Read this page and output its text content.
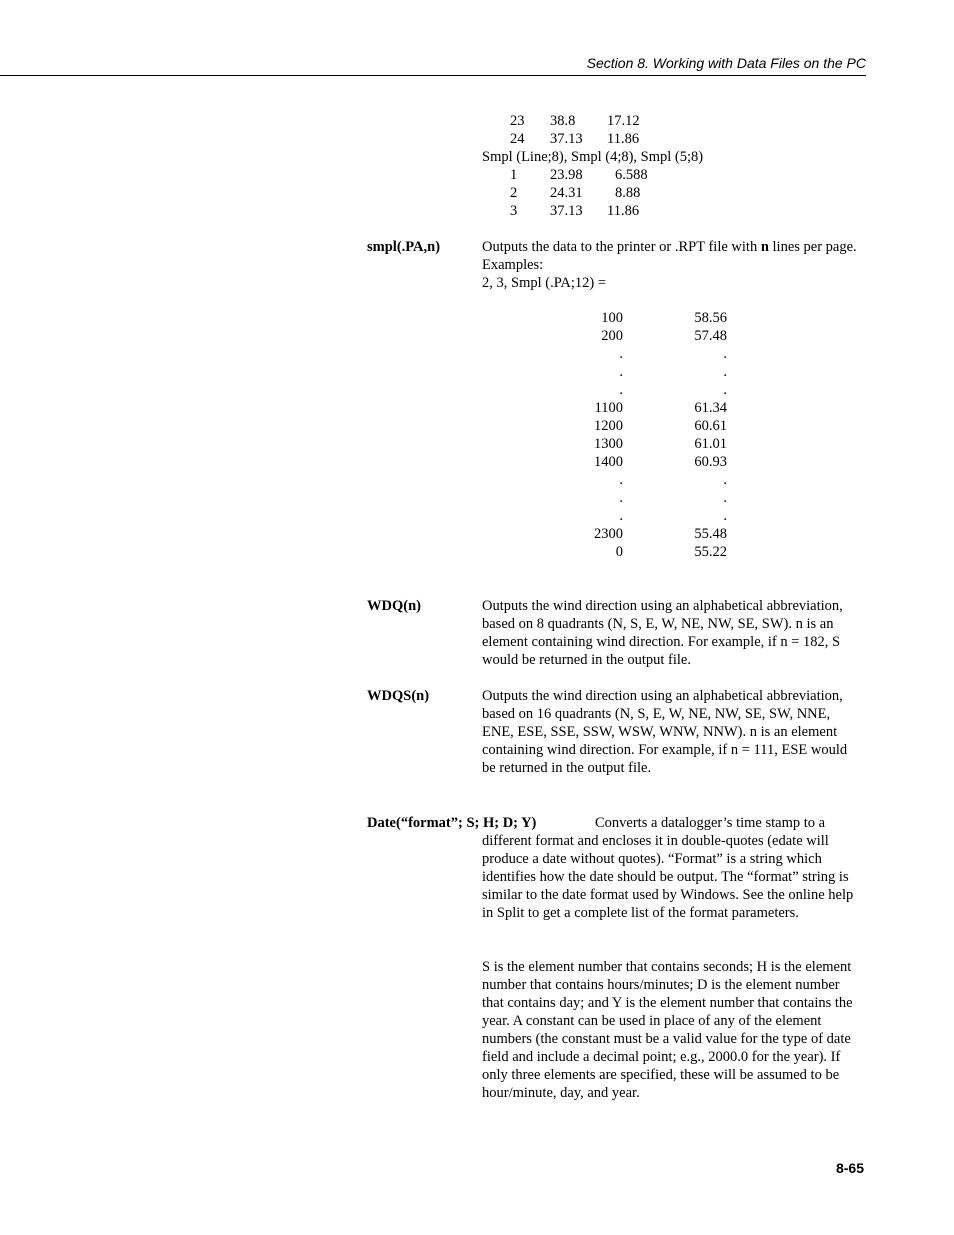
Section 8. Working with Data Files on the PC
23 38.8 17.12
24 37.13 11.86
Smpl (Line;8), Smpl (4;8), Smpl (5;8)
1 23.98 6.588
2 24.31 8.88
3 37.13 11.86
smpl(.PA,n)	Outputs the data to the printer or .RPT file with n lines per page.

Examples:

2, 3, Smpl (.PA;12) =

100	58.56
200	57.48
.	.
.	.
.	.
1100	61.34
1200	60.61
1300	61.01
1400	60.93
.	.
.	.
.	.
2300	55.48
0	55.22
WDQ(n)	Outputs the wind direction using an alphabetical abbreviation, based on 8 quadrants (N, S, E, W, NE, NW, SE, SW). n is an element containing wind direction. For example, if n = 182, S would be returned in the output file.

WDQS(n)	Outputs the wind direction using an alphabetical abbreviation, based on 16 quadrants (N, S, E, W, NE, NW, SE, SW, NNE, ENE, ESE, SSE, SSW, WSW, WNW, NNW). n is an element containing wind direction. For example, if n = 111, ESE would be returned in the output file.

Date(“format”; S; H; D; Y)	Converts a datalogger’s time stamp to a

different format and encloses it in double-quotes (edate will produce a date without quotes). “Format” is a string which identifies how the date should be output. The “format” string is similar to the date format used by Windows. See the online help in Split to get a complete list of the format parameters.

S is the element number that contains seconds; H is the element number that contains hours/minutes; D is the element number that contains day; and Y is the element number that contains the year. A constant can be used in place of any of the element numbers (the constant must be a valid value for the type of date field and include a decimal point; e.g., 2000.0 for the year). If only three elements are specified, these will be assumed to be hour/minute, day, and year.

8-65
